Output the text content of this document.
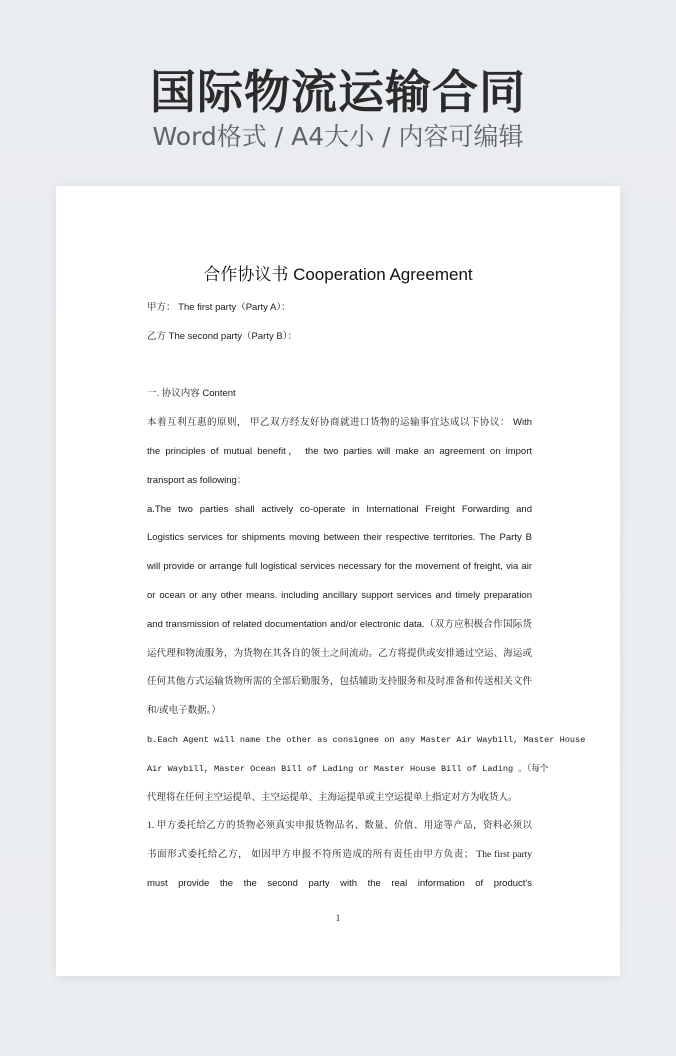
国际物流运输合同

Word格式 / A4大小 / 内容可编辑

合作协议书 Cooperation Agreement

甲方： The first party（Party A）：
乙方 The second party（Party B）：
一. 协议内容 Content
本着互利互惠的原则， 甲乙双方经友好协商就进口货物的运输事宜达成以下协议： With
the principles of mutual benefit， the two parties will make an agreement on import
transport as following：
a.The two parties shall actively co-operate in International Freight Forwarding and
Logistics services for shipments moving between their respective territories. The Party B
will provide or arrange full logistical services necessary for the movement of freight, via air
or ocean or any other means. including ancillary support services and timely preparation
and transmission of related documentation and/or electronic data.（双方应积极合作国际货
运代理和物流服务，为货物在其各自的领土之间流动。乙方将提供或安排通过空运、海运或
任何其他方式运输货物所需的全部后勤服务，包括辅助支持服务和及时准备和传送相关文件
和/或电子数据。）
b.Each Agent will name the other as consignee on any Master Air Waybill, Master House
Air Waybill, Master Ocean Bill of Lading or Master House Bill of Lading 。（每个
代理将在任何主空运提单、主空运提单、主海运提单或主空运提单上指定对方为收货人。
1. 甲方委托给乙方的货物必须真实申报货物品名、数量、价值、用途等产品，资料必须以
书面形式委托给乙方， 如因甲方申报不符所造成的所有责任由甲方负责； The first party
must provide the the second party with the real information of product's
1
